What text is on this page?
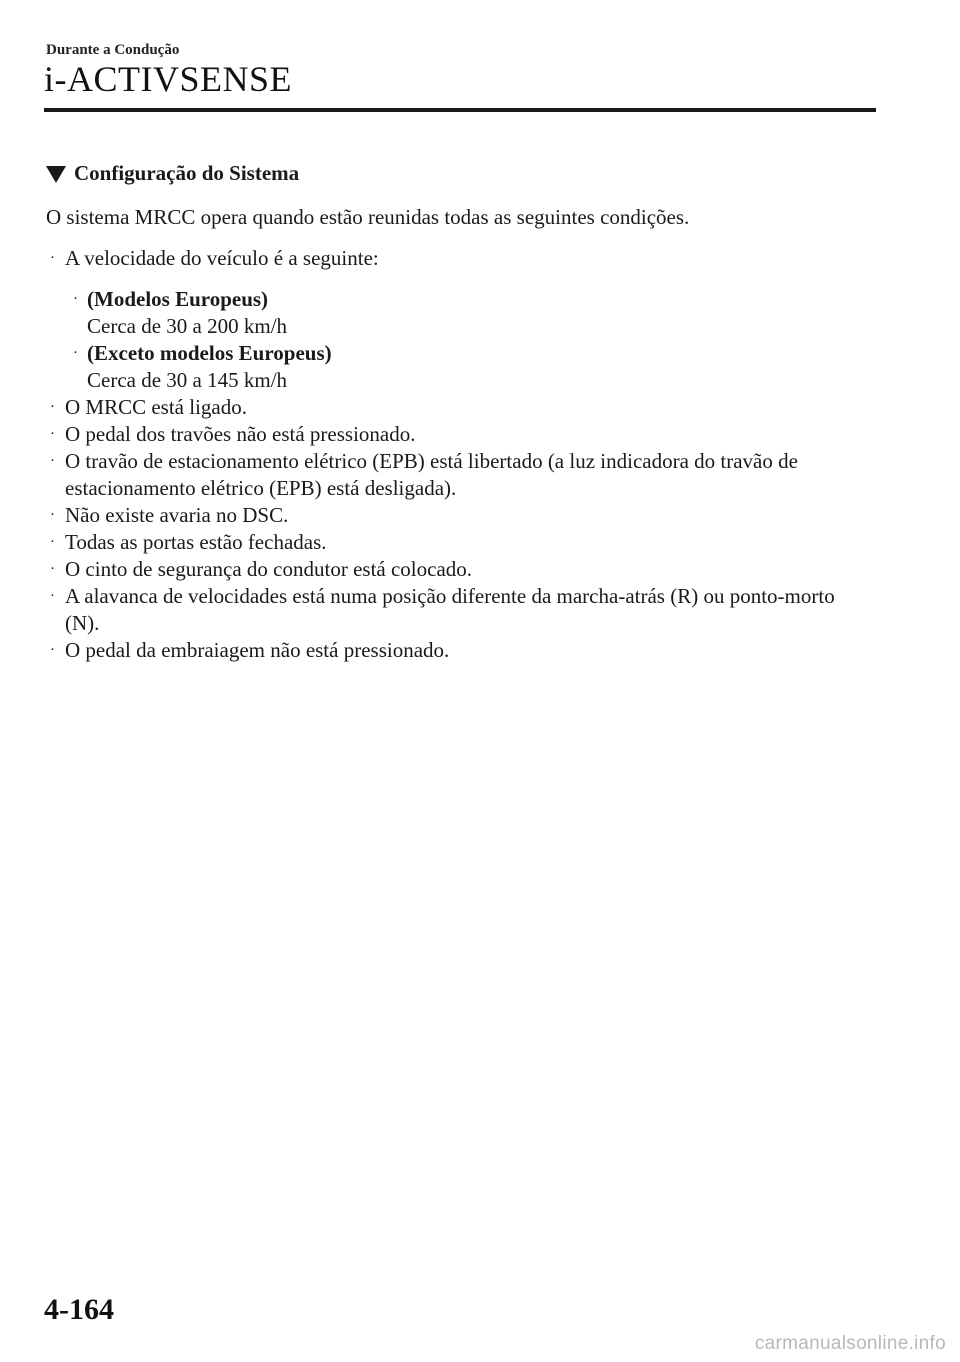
Durante a Condução
i-ACTIVSENSE
Configuração do Sistema

O sistema MRCC opera quando estão reunidas todas as seguintes condições.

· A velocidade do veículo é a seguinte:
· (Modelos Europeus)
Cerca de 30 a 200 km/h
· (Exceto modelos Europeus)
Cerca de 30 a 145 km/h
· O MRCC está ligado.
· O pedal dos travões não está pressionado.
· O travão de estacionamento elétrico (EPB) está libertado (a luz indicadora do travão de estacionamento elétrico (EPB) está desligada).
· Não existe avaria no DSC.
· Todas as portas estão fechadas.
· O cinto de segurança do condutor está colocado.
· A alavanca de velocidades está numa posição diferente da marcha-atrás (R) ou ponto-morto (N).
· O pedal da embraiagem não está pressionado.
4-164
carmanualsonline.info
